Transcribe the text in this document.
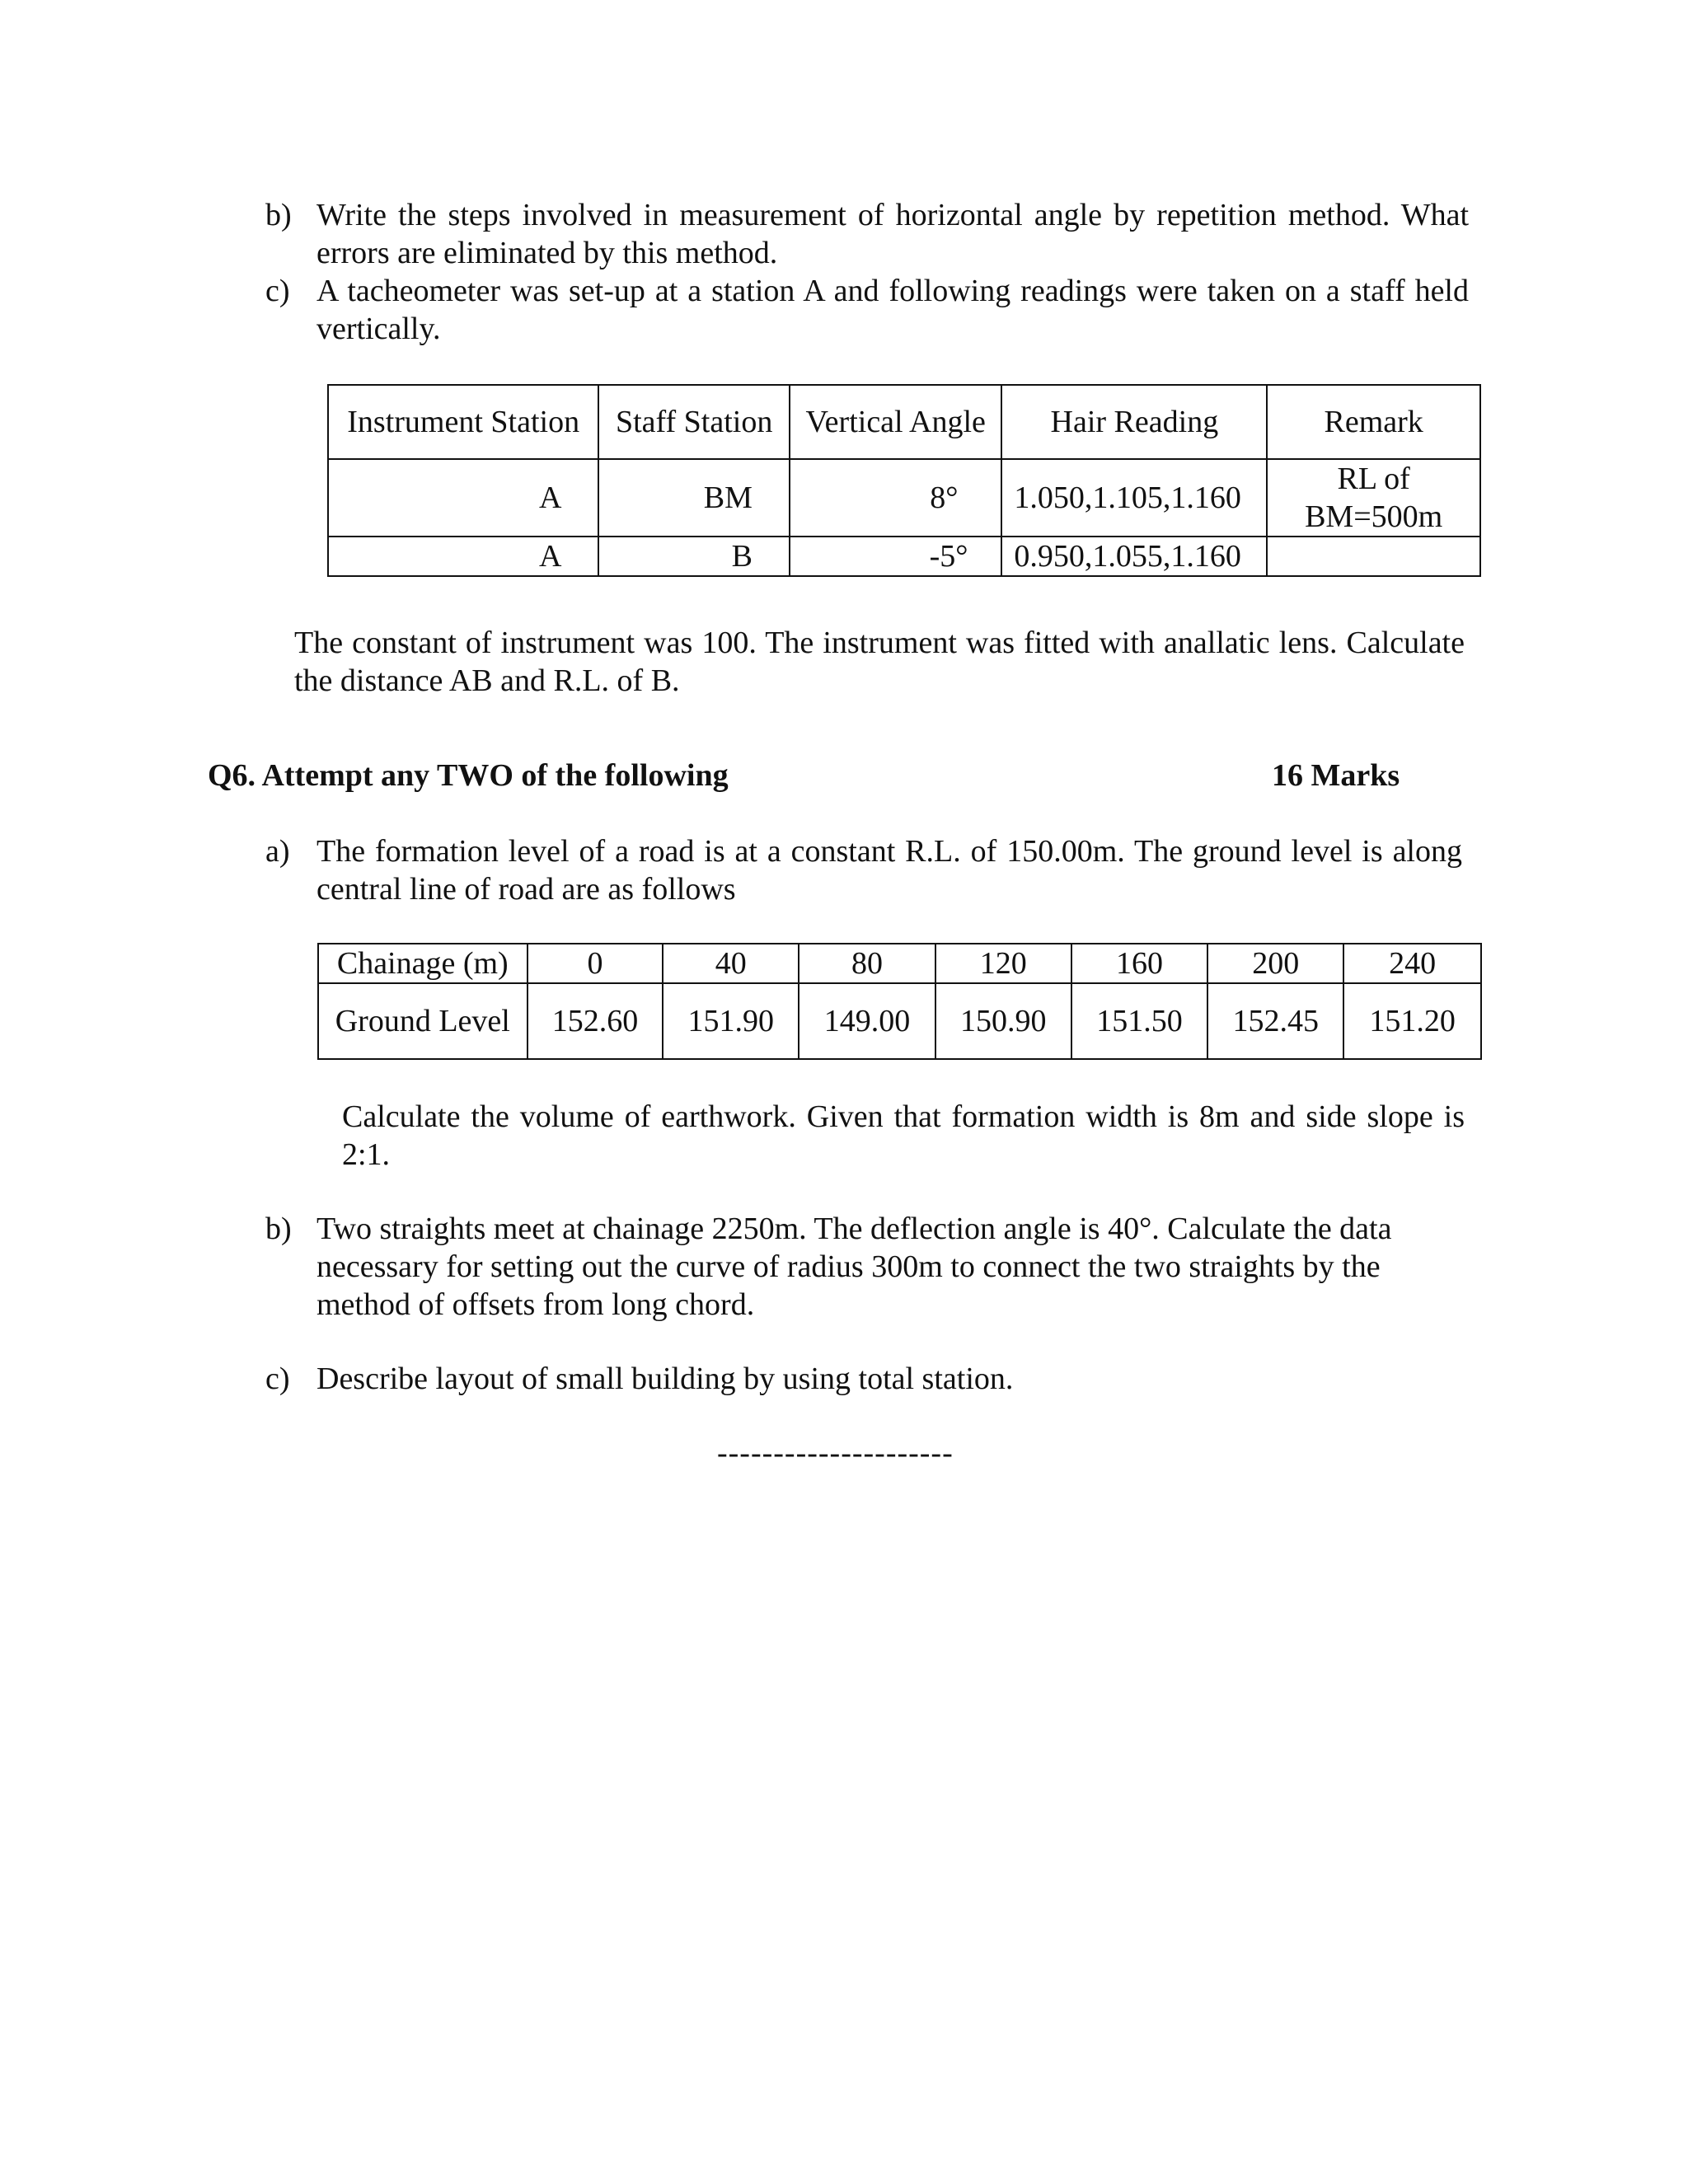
b) Write the steps involved in measurement of horizontal angle by repetition method. What errors are eliminated by this method.
c) A tacheometer was set-up at a station A and following readings were taken on a staff held vertically.
Instrument Station	Staff Station	Vertical Angle	Hair Reading	Remark
A	BM	8°	1.050,1.105,1.160	RL of BM=500m
A	B	-5°	0.950,1.055,1.160	
The constant of instrument was 100. The instrument was fitted with anallatic lens. Calculate the distance AB and R.L. of B.
Q6. Attempt any TWO of the following	16 Marks
a) The formation level of a road is at a constant R.L. of 150.00m. The ground level is along central line of road are as follows
Chainage (m)	0	40	80	120	160	200	240
Ground Level	152.60	151.90	149.00	150.90	151.50	152.45	151.20
Calculate the volume of earthwork. Given that formation width is 8m and side slope is 2:1.
b) Two straights meet at chainage 2250m. The deflection angle is 40°. Calculate the data necessary for setting out the curve of radius 300m to connect the two straights by the method of offsets from long chord.
c) Describe layout of small building by using total station.
---------------------
